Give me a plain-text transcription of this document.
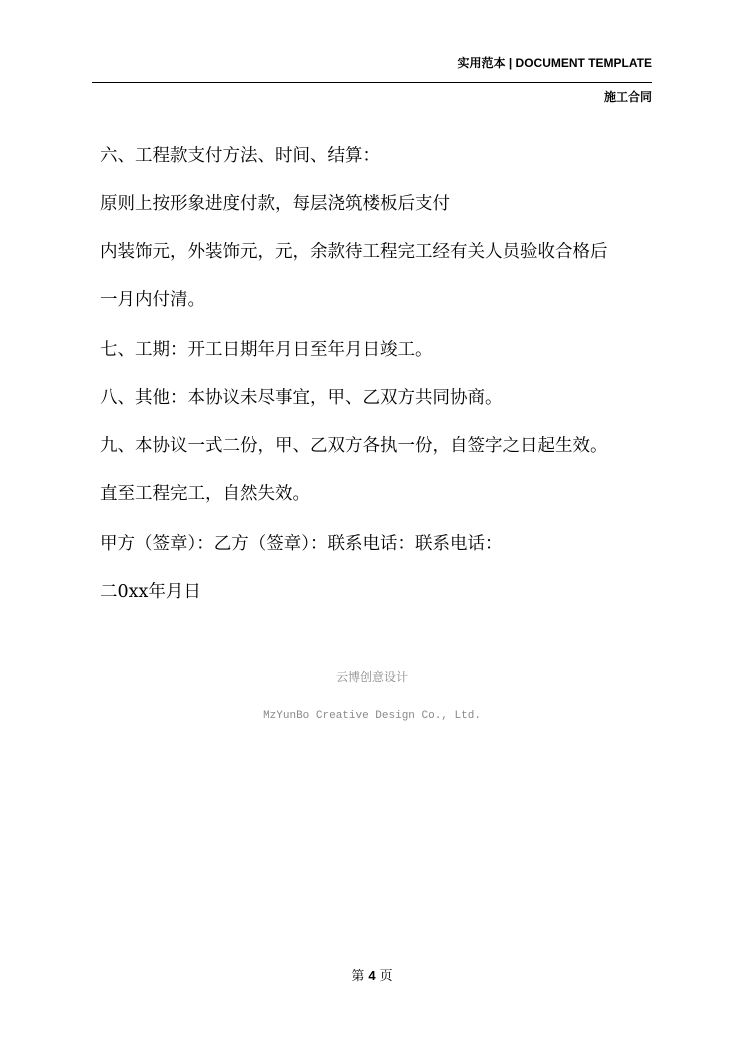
实用范本 | DOCUMENT TEMPLATE
施工合同
六、工程款支付方法、时间、结算：
原则上按形象进度付款，每层浇筑楼板后支付
内装饰元，外装饰元，元，余款待工程完工经有关人员验收合格后
一月内付清。
七、工期：开工日期年月日至年月日竣工。
八、其他：本协议未尽事宜，甲、乙双方共同协商。
九、本协议一式二份，甲、乙双方各执一份，自签字之日起生效。
直至工程完工，自然失效。
甲方（签章）：乙方（签章）：联系电话：联系电话：
二0xx年月日
云博创意设计
MzYunBo Creative Design Co., Ltd.
第 4 页
